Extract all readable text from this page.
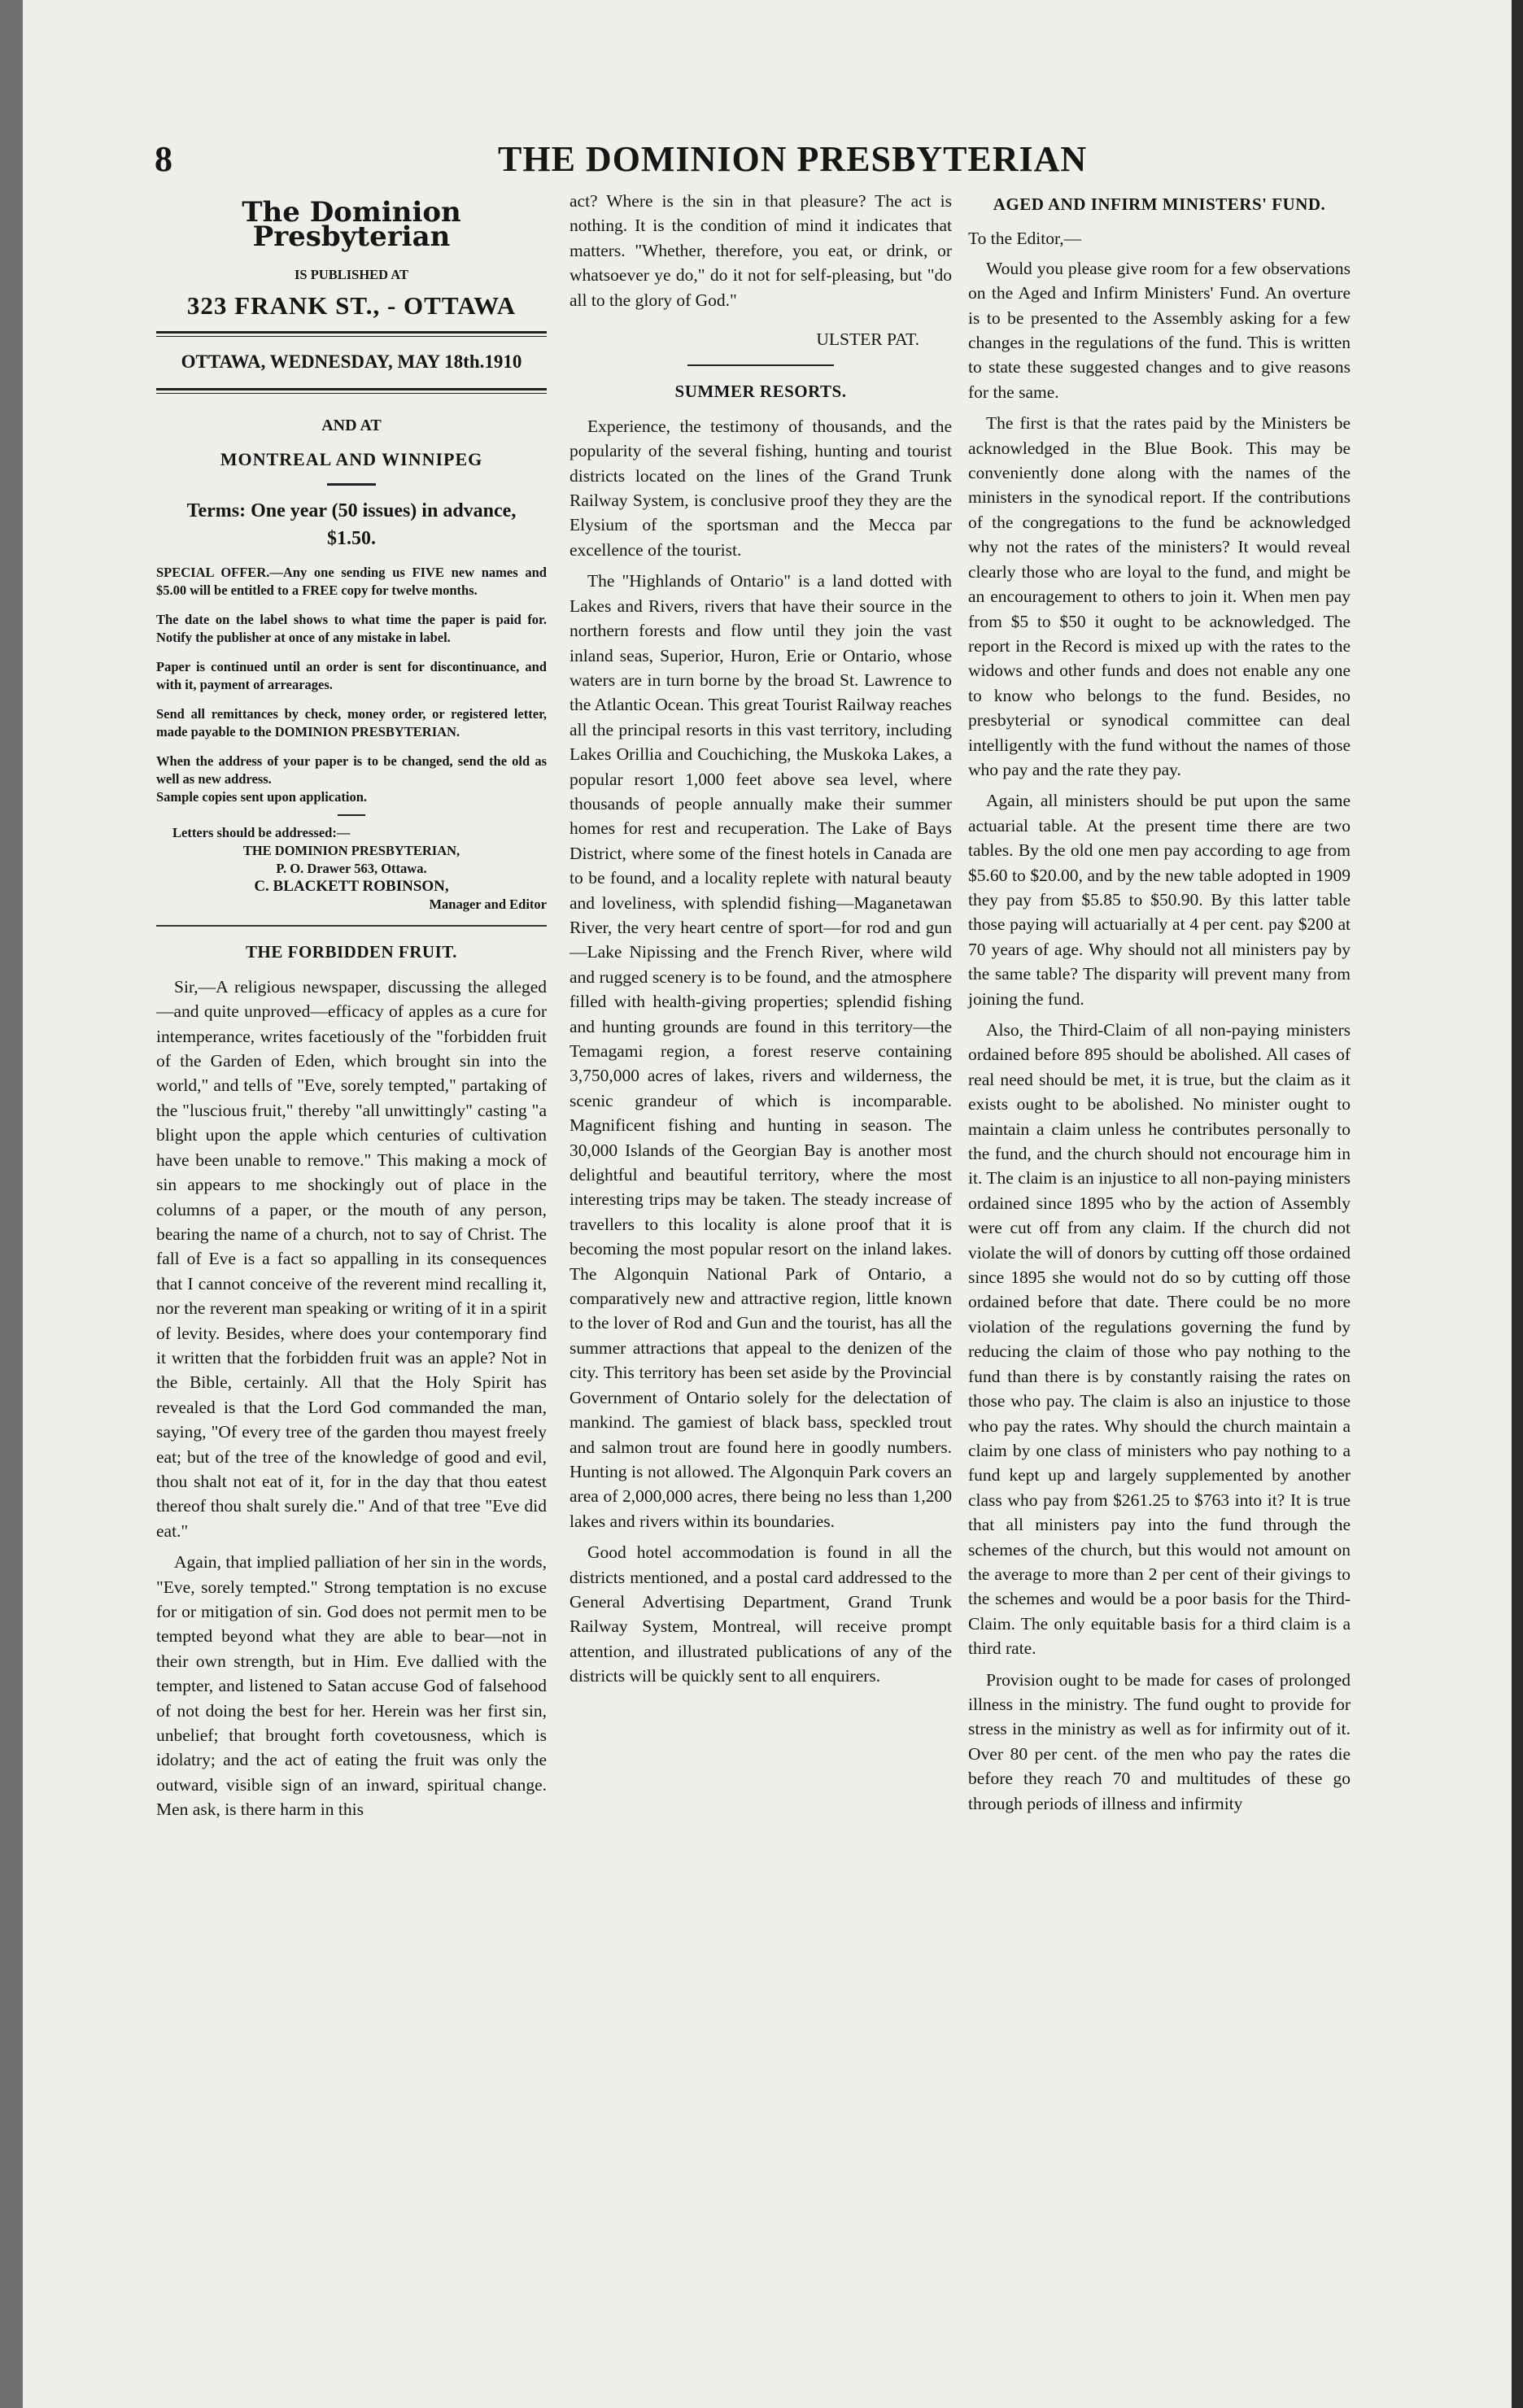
8	THE DOMINION PRESBYTERIAN
The Dominion Presbyterian

IS PUBLISHED AT

323 FRANK ST., - OTTAWA
OTTAWA, WEDNESDAY, MAY 18th.1910

AND AT

MONTREAL AND WINNIPEG

Terms: One year (50 issues) in advance, $1.50.

SPECIAL OFFER.—Any one sending us FIVE new names and $5.00 will be entitled to a FREE copy for twelve months.

The date on the label shows to what time the paper is paid for. Notify the publisher at once of any mistake in label.

Paper is continued until an order is sent for discontinuance, and with it, payment of arrearages.

Send all remittances by check, money order, or registered letter, made payable to the DOMINION PRESBYTERIAN.

When the address of your paper is to be changed, send the old as well as new address.

Sample copies sent upon application.

Letters should be addressed:—

THE DOMINION PRESBYTERIAN,

P. O. Drawer 563, Ottawa.

C. BLACKETT ROBINSON,

Manager and Editor

THE FORBIDDEN FRUIT.

Sir,—A religious newspaper, discussing the alleged—and quite unproved—efficacy of apples as a cure for intemperance, writes facetiously of the "forbidden fruit of the Garden of Eden, which brought sin into the world," and tells of "Eve, sorely tempted," partaking of the "luscious fruit," thereby "all unwittingly" casting "a blight upon the apple which centuries of cultivation have been unable to remove." This making a mock of sin appears to me shockingly out of place in the columns of a paper, or the mouth of any person, bearing the name of a church, not to say of Christ. The fall of Eve is a fact so appalling in its consequences that I cannot conceive of the reverent mind recalling it, nor the reverent man speaking or writing of it in a spirit of levity. Besides, where does your contemporary find it written that the forbidden fruit was an apple? Not in the Bible, certainly. All that the Holy Spirit has revealed is that the Lord God commanded the man, saying, "Of every tree of the garden thou mayest freely eat; but of the tree of the knowledge of good and evil, thou shalt not eat of it, for in the day that thou eatest thereof thou shalt surely die." And of that tree "Eve did eat."

Again, that implied palliation of her sin in the words, "Eve, sorely tempted." Strong temptation is no excuse for or mitigation of sin. God does not permit men to be tempted beyond what they are able to bear—not in their own strength, but in Him. Eve dallied with the tempter, and listened to Satan accuse God of falsehood of not doing the best for her. Herein was her first sin, unbelief; that brought forth covetousness, which is idolatry; and the act of eating the fruit was only the outward, visible sign of an inward, spiritual change. Men ask, is there harm in this

act? Where is the sin in that pleasure? The act is nothing. It is the condition of mind it indicates that matters. "Whether, therefore, you eat, or drink, or whatsoever ye do," do it not for self-pleasing, but "do all to the glory of God."

ULSTER PAT.

SUMMER RESORTS.

Experience, the testimony of thousands, and the popularity of the several fishing, hunting and tourist districts located on the lines of the Grand Trunk Railway System, is conclusive proof they they are the Elysium of the sportsman and the Mecca par excellence of the tourist.

The "Highlands of Ontario" is a land dotted with Lakes and Rivers, rivers that have their source in the northern forests and flow until they join the vast inland seas, Superior, Huron, Erie or Ontario, whose waters are in turn borne by the broad St. Lawrence to the Atlantic Ocean. This great Tourist Railway reaches all the principal resorts in this vast territory, including Lakes Orillia and Couchiching, the Muskoka Lakes, a popular resort 1,000 feet above sea level, where thousands of people annually make their summer homes for rest and recuperation. The Lake of Bays District, where some of the finest hotels in Canada are to be found, and a locality replete with natural beauty and loveliness, with splendid fishing—Maganetawan River, the very heart centre of sport—for rod and gun—Lake Nipissing and the French River, where wild and rugged scenery is to be found, and the atmosphere filled with health-giving properties; splendid fishing and hunting grounds are found in this territory—the Temagami region, a forest reserve containing 3,750,000 acres of lakes, rivers and wilderness, the scenic grandeur of which is incomparable. Magnificent fishing and hunting in season. The 30,000 Islands of the Georgian Bay is another most delightful and beautiful territory, where the most interesting trips may be taken. The steady increase of travellers to this locality is alone proof that it is becoming the most popular resort on the inland lakes. The Algonquin National Park of Ontario, a comparatively new and attractive region, little known to the lover of Rod and Gun and the tourist, has all the summer attractions that appeal to the denizen of the city. This territory has been set aside by the Provincial Government of Ontario solely for the delectation of mankind. The gamiest of black bass, speckled trout and salmon trout are found here in goodly numbers. Hunting is not allowed. The Algonquin Park covers an area of 2,000,000 acres, there being no less than 1,200 lakes and rivers within its boundaries.

Good hotel accommodation is found in all the districts mentioned, and a postal card addressed to the General Advertising Department, Grand Trunk Railway System, Montreal, will receive prompt attention, and illustrated publications of any of the districts will be quickly sent to all enquirers.

AGED AND INFIRM MINISTERS' FUND.

To the Editor,—

Would you please give room for a few observations on the Aged and Infirm Ministers' Fund. An overture is to be presented to the Assembly asking for a few changes in the regulations of the fund. This is written to state these suggested changes and to give reasons for the same.

The first is that the rates paid by the Ministers be acknowledged in the Blue Book. This may be conveniently done along with the names of the ministers in the synodical report. If the contributions of the congregations to the fund be acknowledged why not the rates of the ministers? It would reveal clearly those who are loyal to the fund, and might be an encouragement to others to join it. When men pay from $5 to $50 it ought to be acknowledged. The report in the Record is mixed up with the rates to the widows and other funds and does not enable any one to know who belongs to the fund. Besides, no presbyterial or synodical committee can deal intelligently with the fund without the names of those who pay and the rate they pay.

Again, all ministers should be put upon the same actuarial table. At the present time there are two tables. By the old one men pay according to age from $5.60 to $20.00, and by the new table adopted in 1909 they pay from $5.85 to $50.90. By this latter table those paying will actuarially at 4 per cent. pay $200 at 70 years of age. Why should not all ministers pay by the same table? The disparity will prevent many from joining the fund.

Also, the Third-Claim of all non-paying ministers ordained before 895 should be abolished. All cases of real need should be met, it is true, but the claim as it exists ought to be abolished. No minister ought to maintain a claim unless he contributes personally to the fund, and the church should not encourage him in it. The claim is an injustice to all non-paying ministers ordained since 1895 who by the action of Assembly were cut off from any claim. If the church did not violate the will of donors by cutting off those ordained since 1895 she would not do so by cutting off those ordained before that date. There could be no more violation of the regulations governing the fund by reducing the claim of those who pay nothing to the fund than there is by constantly raising the rates on those who pay. The claim is also an injustice to those who pay the rates. Why should the church maintain a claim by one class of ministers who pay nothing to a fund kept up and largely supplemented by another class who pay from $261.25 to $763 into it? It is true that all ministers pay into the fund through the schemes of the church, but this would not amount on the average to more than 2 per cent of their givings to the schemes and would be a poor basis for the Third-Claim. The only equitable basis for a third claim is a third rate.

Provision ought to be made for cases of prolonged illness in the ministry. The fund ought to provide for stress in the ministry as well as for infirmity out of it. Over 80 per cent. of the men who pay the rates die before they reach 70 and multitudes of these go through periods of illness and infirmity
